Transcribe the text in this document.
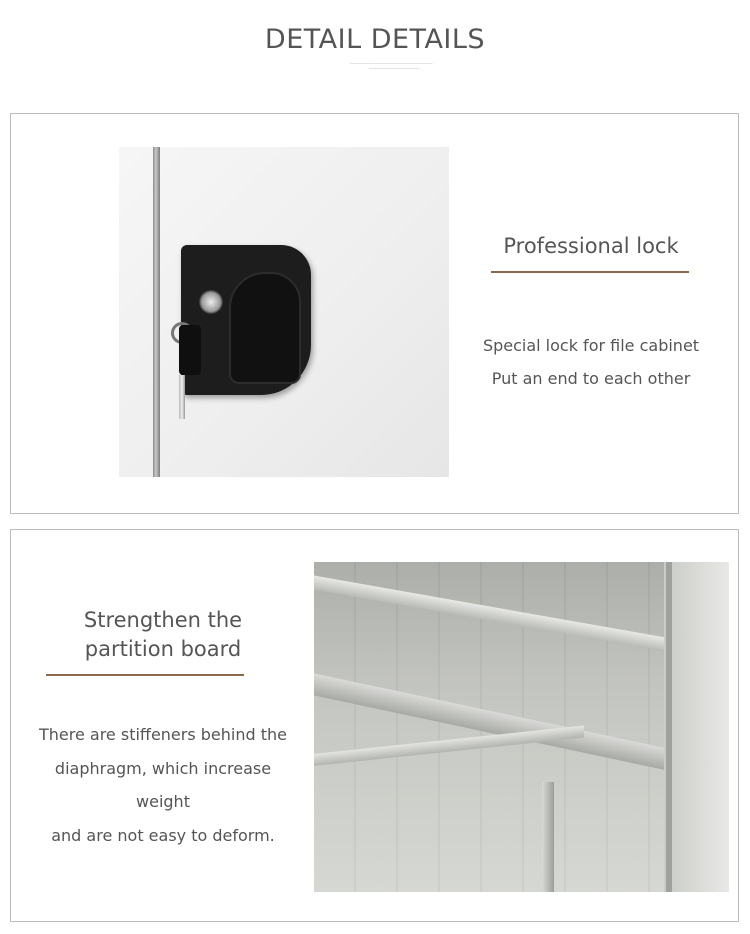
DETAIL DETAILS
──────────────────────────────────────────────
────────────────────────────
Professional lock
Special lock for file cabinet
Put an end to each other
Strengthen the
partition board
There are stiffeners behind the
diaphragm, which increase weight
and are not easy to deform.
